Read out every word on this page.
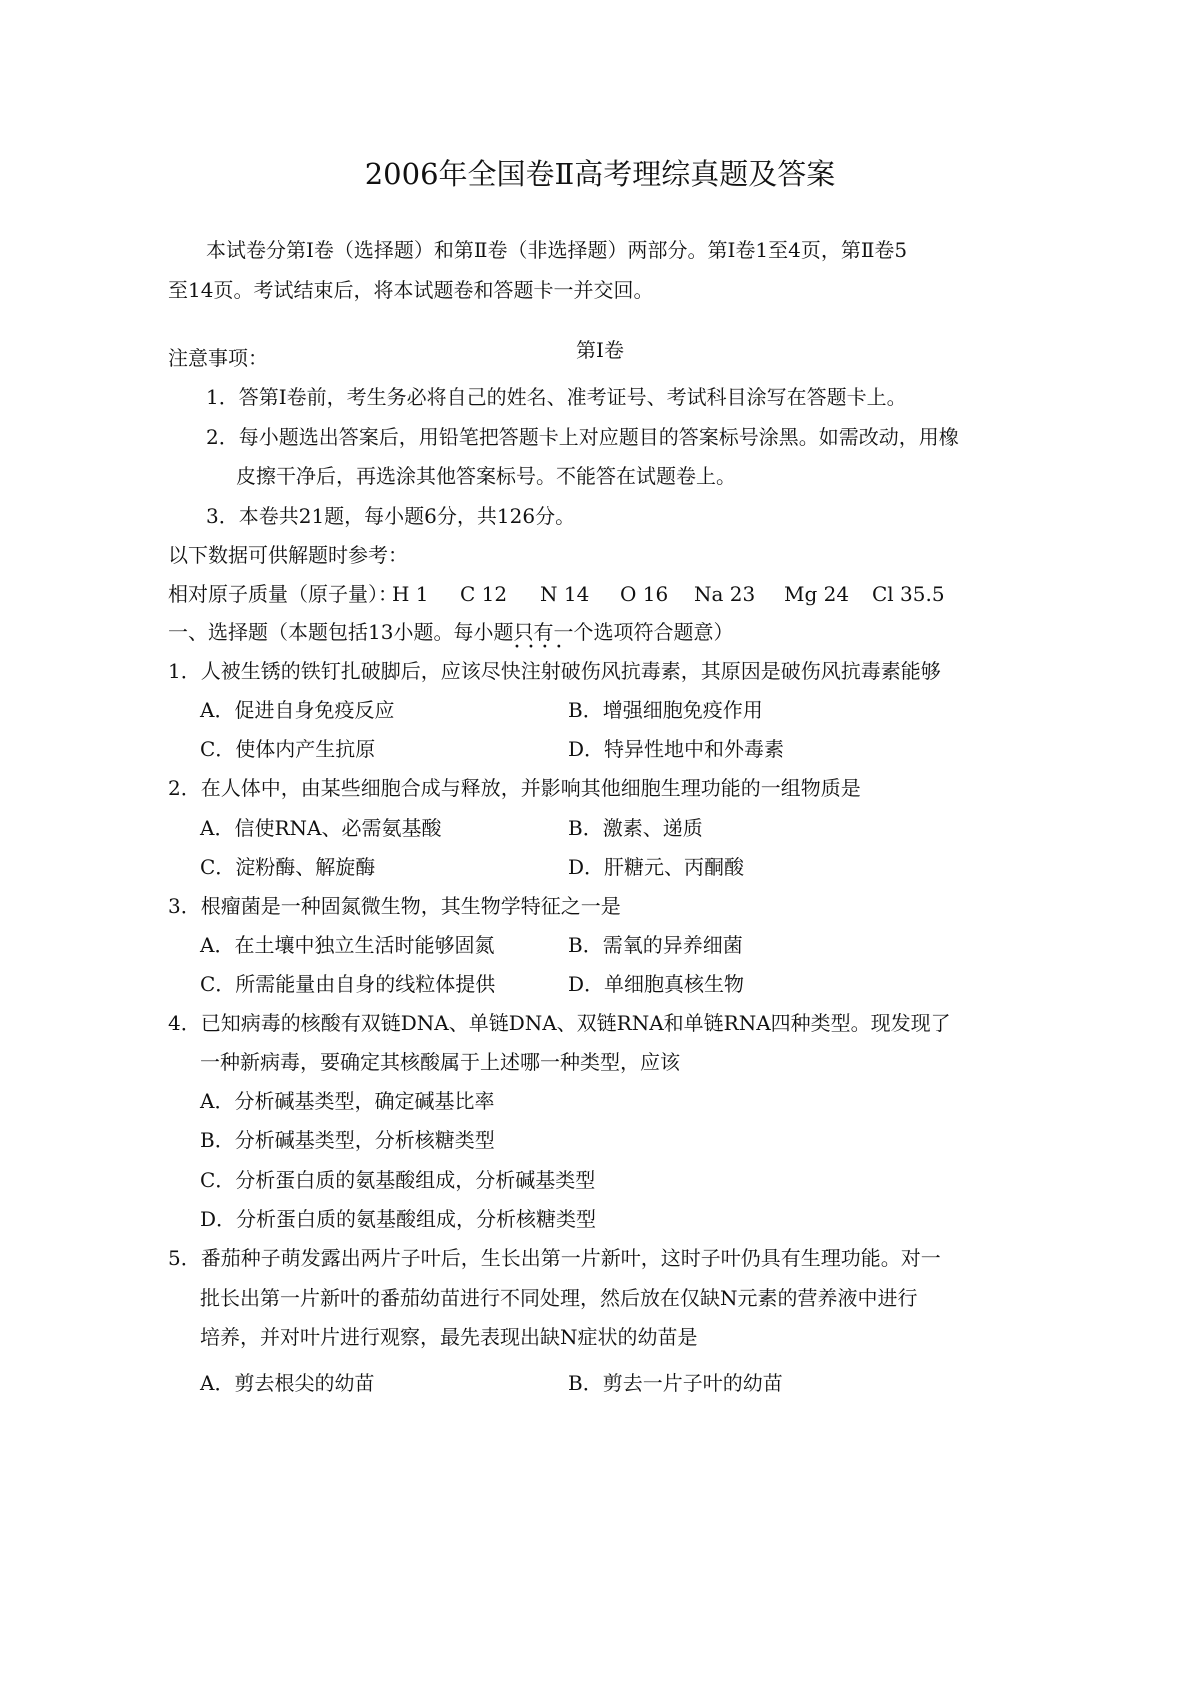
2006年全国卷Ⅱ高考理综真题及答案
本试卷分第Ⅰ卷（选择题）和第Ⅱ卷（非选择题）两部分。第Ⅰ卷1至4页，第Ⅱ卷5
至14页。考试结束后，将本试题卷和答题卡一并交回。
第Ⅰ卷
注意事项：
1．答第Ⅰ卷前，考生务必将自己的姓名、准考证号、考试科目涂写在答题卡上。
2．每小题选出答案后，用铅笔把答题卡上对应题目的答案标号涂黑。如需改动，用橡
皮擦干净后，再选涂其他答案标号。不能答在试题卷上。
3．本卷共21题，每小题6分，共126分。
以下数据可供解题时参考：
相对原子质量（原子量）：
H 1 C 12 N 14 O 16 Na 23 Mg 24 Cl 35.5
一、选择题（本题包括13小题。每小题只有一个 · ·选项符合题意）
1．人被生锈的铁钉扎破脚后，应该尽快注射破伤风抗毒素，其原因是破伤风抗毒素能够
A．促进自身免疫反应	B．增强细胞免疫作用
C．使体内产生抗原	D．特异性地中和外毒素
2．在人体中，由某些细胞合成与释放，并影响其他细胞生理功能的一组物质是
A．信使RNA、必需氨基酸	B．激素、递质
C．淀粉酶、解旋酶	D．肝糖元、丙酮酸
3．根瘤菌是一种固氮微生物，其生物学特征之一是
A．在土壤中独立生活时能够固氮	B．需氧的异养细菌
C．所需能量由自身的线粒体提供	D．单细胞真核生物
4．已知病毒的核酸有双链DNA、单链DNA、双链RNA和单链RNA四种类型。现发现了
一种新病毒，要确定其核酸属于上述哪一种类型，应该
A．分析碱基类型，确定碱基比率
B．分析碱基类型，分析核糖类型
C．分析蛋白质的氨基酸组成，分析碱基类型
D．分析蛋白质的氨基酸组成，分析核糖类型
5．番茄种子萌发露出两片子叶后，生长出第一片新叶，这时子叶仍具有生理功能。对一
批长出第一片新叶的番茄幼苗进行不同处理，然后放在仅缺N元素的营养液中进行
培养，并对叶片进行观察，最先表现出缺N症状的幼苗是
A．剪去根尖的幼苗	B．剪去一片子叶的幼苗
